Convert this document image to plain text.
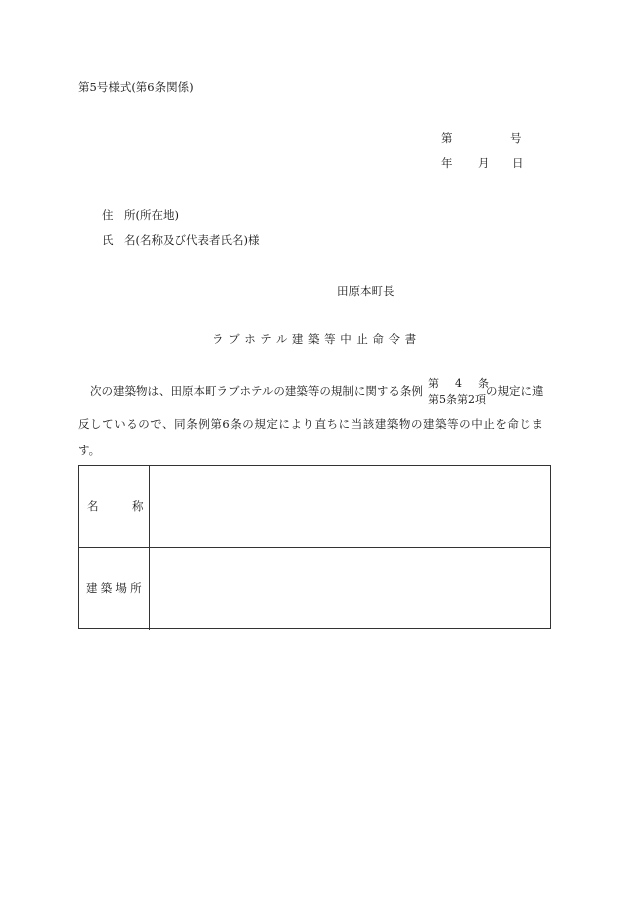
第5号様式(第6条関係)
第	号
年 月 日
住 所(所在地)
氏 名(名称及び代表者氏名)様
田原本町長
ラブホテル建築等中止命令書
次の建築物は、田原本町ラブホテルの建築等の規制に関する条例
第 4 条
第5条第2項
の規定に違
反しているので、同条例第6条の規定により直ちに当該建築物の建築等の中止を命じま
す。
名	称
建築場所
